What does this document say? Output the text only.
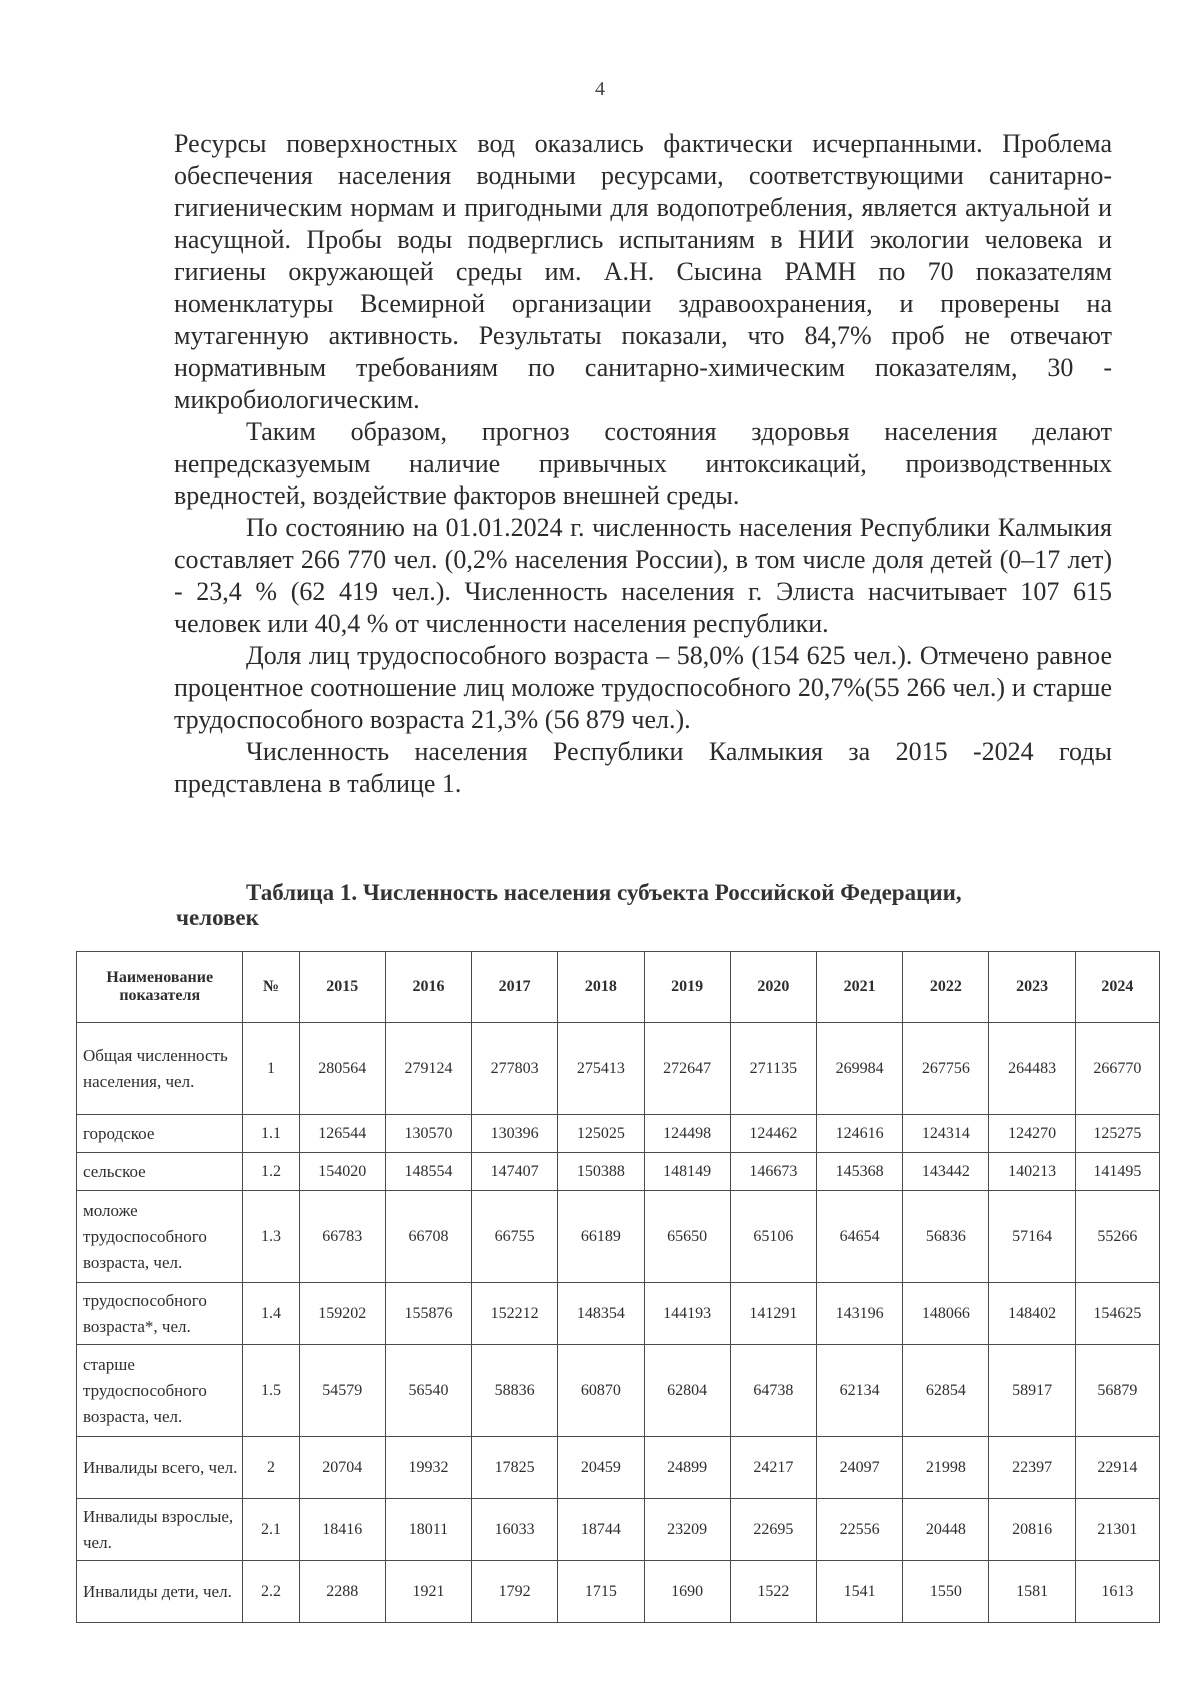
4

Ресурсы поверхностных вод оказались фактически исчерпанными. Проблема обеспечения населения водными ресурсами, соответствующими санитарно-гигиеническим нормам и пригодными для водопотребления, является актуальной и насущной. Пробы воды подверглись испытаниям в НИИ экологии человека и гигиены окружающей среды им. А.Н. Сысина РАМН по 70 показателям номенклатуры Всемирной организации здравоохранения, и проверены на мутагенную активность. Результаты показали, что 84,7% проб не отвечают нормативным требованиям по санитарно-химическим показателям, 30 - микробиологическим.

Таким образом, прогноз состояния здоровья населения делают непредсказуемым наличие привычных интоксикаций, производственных вредностей, воздействие факторов внешней среды.

По состоянию на 01.01.2024 г. численность населения Республики Калмыкия составляет 266 770 чел. (0,2% населения России), в том числе доля детей (0–17 лет) - 23,4 % (62 419 чел.). Численность населения г. Элиста насчитывает 107 615 человек или 40,4 % от численности населения республики.

Доля лиц трудоспособного возраста – 58,0% (154 625 чел.). Отмечено равное процентное соотношение лиц моложе трудоспособного 20,7%(55 266 чел.) и старше трудоспособного возраста 21,3% (56 879 чел.).

Численность населения Республики Калмыкия за 2015 -2024 годы представлена в таблице 1.

Таблица 1. Численность населения субъекта Российской Федерации,
человек
Наименование показателя	№	2015	2016	2017	2018	2019	2020	2021	2022	2023	2024
Общая численность населения, чел.	1	280564	279124	277803	275413	272647	271135	269984	267756	264483	266770
городское	1.1	126544	130570	130396	125025	124498	124462	124616	124314	124270	125275
сельское	1.2	154020	148554	147407	150388	148149	146673	145368	143442	140213	141495
моложе трудоспособного возраста, чел.	1.3	66783	66708	66755	66189	65650	65106	64654	56836	57164	55266
трудоспособного возраста*, чел.	1.4	159202	155876	152212	148354	144193	141291	143196	148066	148402	154625
старше трудоспособного возраста, чел.	1.5	54579	56540	58836	60870	62804	64738	62134	62854	58917	56879
Инвалиды всего, чел.	2	20704	19932	17825	20459	24899	24217	24097	21998	22397	22914
Инвалиды взрослые, чел.	2.1	18416	18011	16033	18744	23209	22695	22556	20448	20816	21301
Инвалиды дети, чел.	2.2	2288	1921	1792	1715	1690	1522	1541	1550	1581	1613
